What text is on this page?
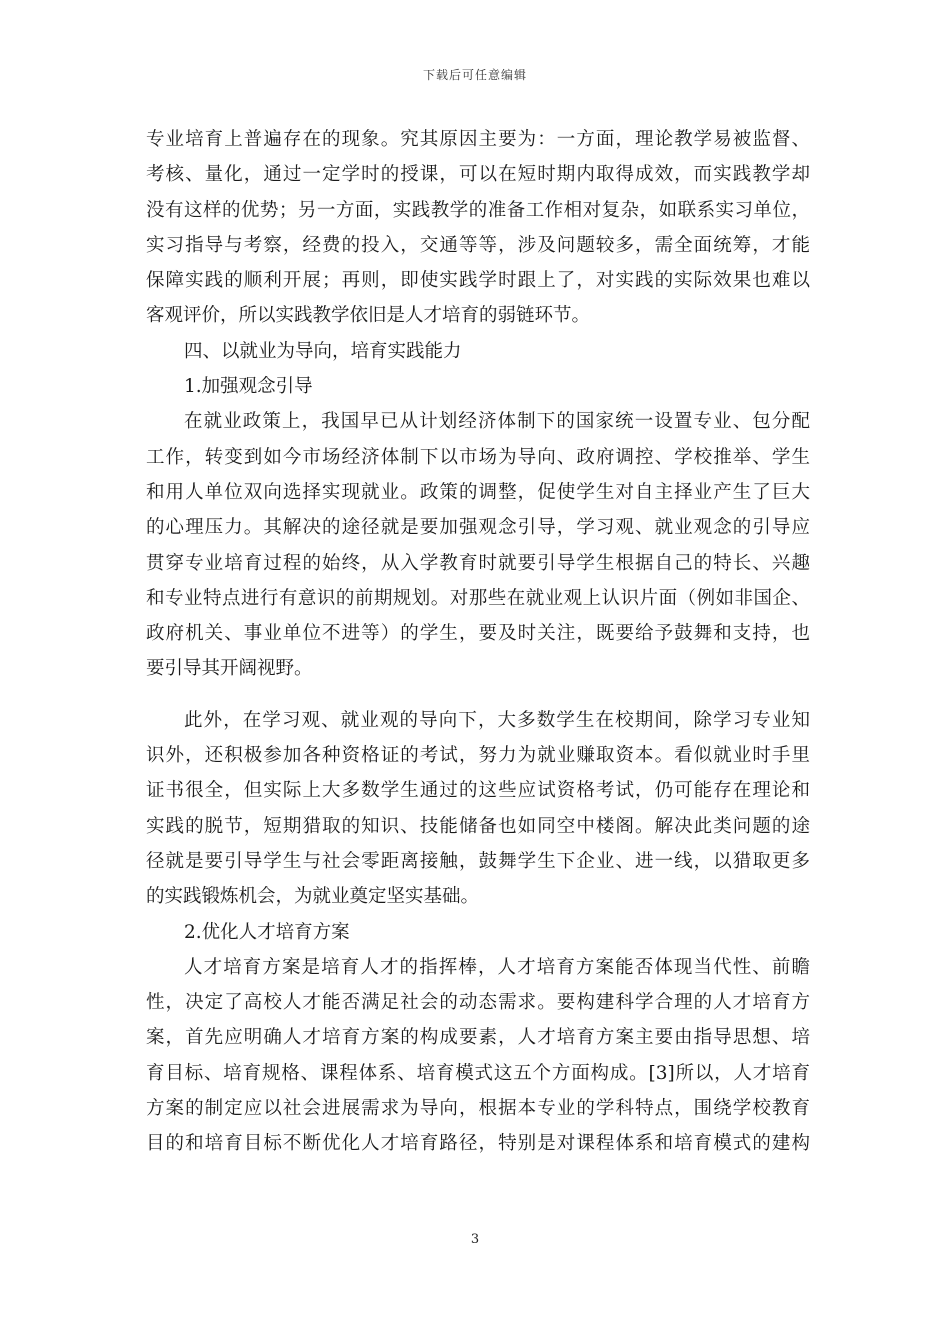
下载后可任意编辑
专业培育上普遍存在的现象。究其原因主要为：一方面，理论教学易被监督、
考核、量化，通过一定学时的授课，可以在短时期内取得成效，而实践教学却
没有这样的优势；另一方面，实践教学的准备工作相对复杂，如联系实习单位，
实习指导与考察，经费的投入，交通等等，涉及问题较多，需全面统筹，才能
保障实践的顺利开展；再则，即使实践学时跟上了，对实践的实际效果也难以
客观评价，所以实践教学依旧是人才培育的弱链环节。
四、以就业为导向，培育实践能力
1.加强观念引导
在就业政策上，我国早已从计划经济体制下的国家统一设置专业、包分配
工作，转变到如今市场经济体制下以市场为导向、政府调控、学校推举、学生
和用人单位双向选择实现就业。政策的调整，促使学生对自主择业产生了巨大
的心理压力。其解决的途径就是要加强观念引导，学习观、就业观念的引导应
贯穿专业培育过程的始终，从入学教育时就要引导学生根据自己的特长、兴趣
和专业特点进行有意识的前期规划。对那些在就业观上认识片面（例如非国企、
政府机关、事业单位不进等）的学生，要及时关注，既要给予鼓舞和支持，也
要引导其开阔视野。
此外，在学习观、就业观的导向下，大多数学生在校期间，除学习专业知
识外，还积极参加各种资格证的考试，努力为就业赚取资本。看似就业时手里
证书很全，但实际上大多数学生通过的这些应试资格考试，仍可能存在理论和
实践的脱节，短期猎取的知识、技能储备也如同空中楼阁。解决此类问题的途
径就是要引导学生与社会零距离接触，鼓舞学生下企业、进一线，以猎取更多
的实践锻炼机会，为就业奠定坚实基础。
2.优化人才培育方案
人才培育方案是培育人才的指挥棒，人才培育方案能否体现当代性、前瞻
性，决定了高校人才能否满足社会的动态需求。要构建科学合理的人才培育方
案，首先应明确人才培育方案的构成要素，人才培育方案主要由指导思想、培
育目标、培育规格、课程体系、培育模式这五个方面构成。[3]所以，人才培育
方案的制定应以社会进展需求为导向，根据本专业的学科特点，围绕学校教育
目的和培育目标不断优化人才培育路径，特别是对课程体系和培育模式的建构
3
